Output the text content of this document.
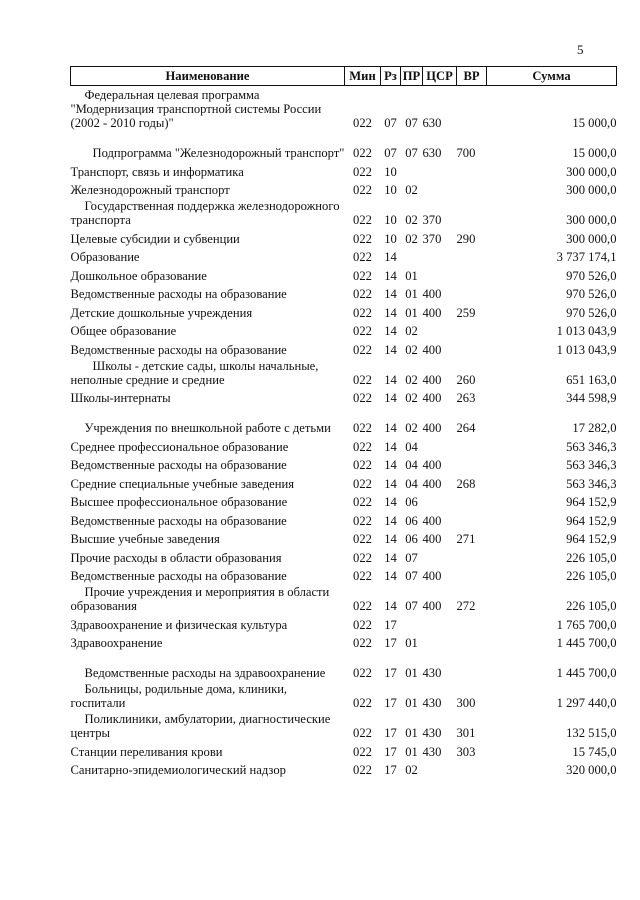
5
Наименование	Мин	Рз	ПР	ЦСР	ВР	Сумма
Федеральная целевая программа "Модернизация транспортной системы России (2002 - 2010 годы)"	022	07	07	630		15 000,0
Подпрограмма "Железнодорожный транспорт"	022	07	07	630	700	15 000,0
Транспорт, связь и информатика	022	10				300 000,0
Железнодорожный транспорт	022	10	02			300 000,0
Государственная поддержка железнодорожного транспорта	022	10	02	370		300 000,0
Целевые субсидии и субвенции	022	10	02	370	290	300 000,0
Образование	022	14				3 737 174,1
Дошкольное образование	022	14	01			970 526,0
Ведомственные расходы на образование	022	14	01	400		970 526,0
Детские дошкольные учреждения	022	14	01	400	259	970 526,0
Общее образование	022	14	02			1 013 043,9
Ведомственные расходы на образование	022	14	02	400		1 013 043,9
Школы - детские сады, школы начальные, неполные средние и средние	022	14	02	400	260	651 163,0
Школы-интернаты	022	14	02	400	263	344 598,9
Учреждения по внешкольной работе с детьми	022	14	02	400	264	17 282,0
Среднее профессиональное образование	022	14	04			563 346,3
Ведомственные расходы на образование	022	14	04	400		563 346,3
Средние специальные учебные заведения	022	14	04	400	268	563 346,3
Высшее профессиональное образование	022	14	06			964 152,9
Ведомственные расходы на образование	022	14	06	400		964 152,9
Высшие учебные заведения	022	14	06	400	271	964 152,9
Прочие расходы в области образования	022	14	07			226 105,0
Ведомственные расходы на образование	022	14	07	400		226 105,0
Прочие учреждения и мероприятия в области образования	022	14	07	400	272	226 105,0
Здравоохранение и физическая культура	022	17				1 765 700,0
Здравоохранение	022	17	01			1 445 700,0
Ведомственные расходы на здравоохранение	022	17	01	430		1 445 700,0
Больницы, родильные дома, клиники, госпитали	022	17	01	430	300	1 297 440,0
Поликлиники, амбулатории, диагностические центры	022	17	01	430	301	132 515,0
Станции переливания крови	022	17	01	430	303	15 745,0
Санитарно-эпидемиологический надзор	022	17	02			320 000,0
